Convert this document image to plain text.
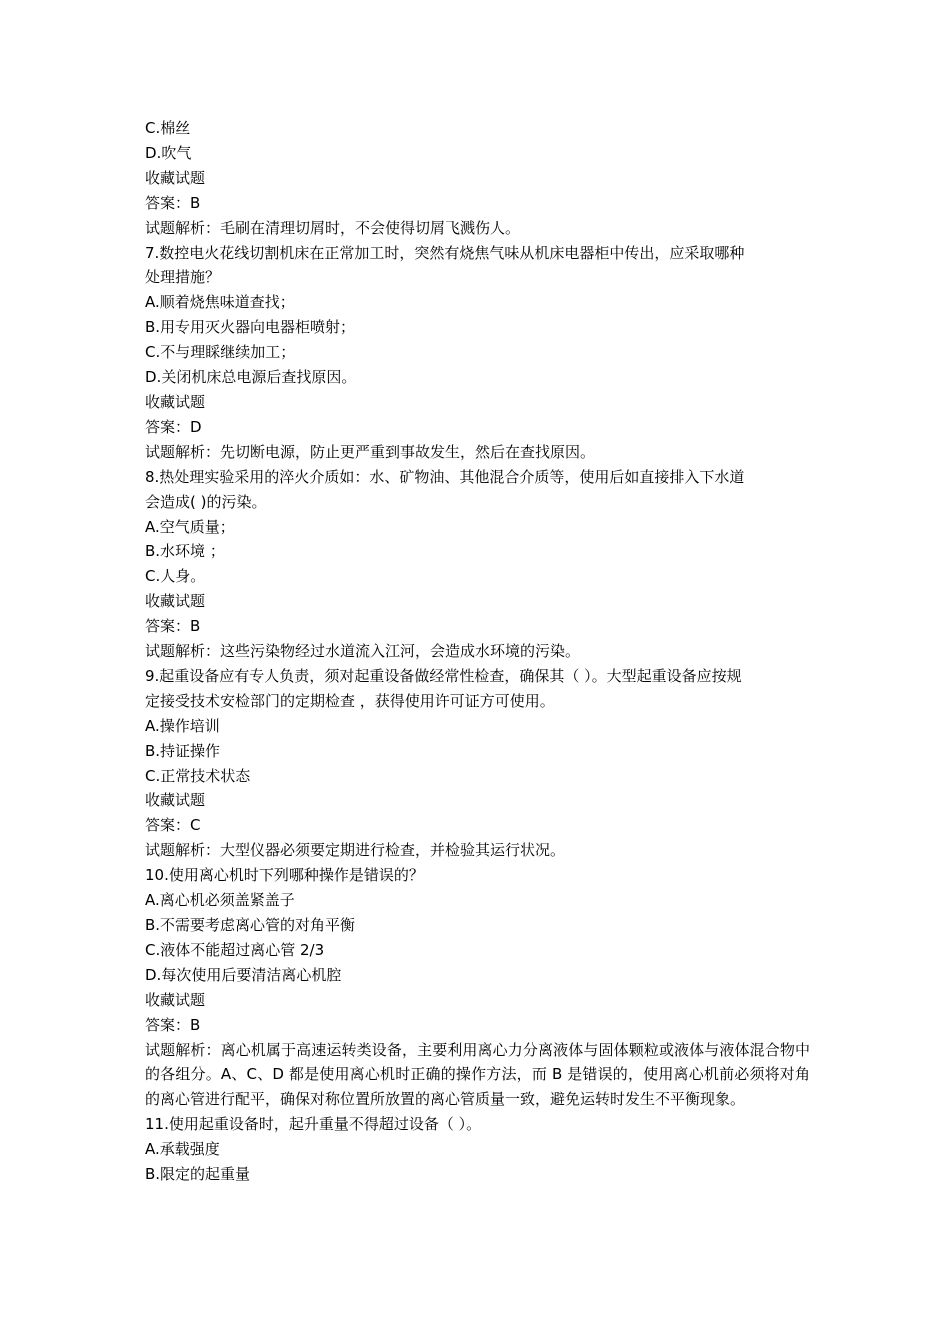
C.棉丝
D.吹气
收藏试题
答案：B
试题解析：毛刷在清理切屑时，不会使得切屑飞溅伤人。
7.数控电火花线切割机床在正常加工时，突然有烧焦气味从机床电器柜中传出，应采取哪种
处理措施？
A.顺着烧焦味道查找；
B.用专用灭火器向电器柜喷射；
C.不与理睬继续加工；
D.关闭机床总电源后查找原因。
收藏试题
答案：D
试题解析：先切断电源，防止更严重到事故发生，然后在查找原因。
8.热处理实验采用的淬火介质如：水、矿物油、其他混合介质等，使用后如直接排入下水道
会造成( )的污染。
A.空气质量；
B.水环境 ；
C.人身。
收藏试题
答案：B
试题解析：这些污染物经过水道流入江河，会造成水环境的污染。
9.起重设备应有专人负责，须对起重设备做经常性检查，确保其（ ）。大型起重设备应按规
定接受技术安检部门的定期检查 ，获得使用许可证方可使用。
A.操作培训
B.持证操作
C.正常技术状态
收藏试题
答案：C
试题解析：大型仪器必须要定期进行检查，并检验其运行状况。
10.使用离心机时下列哪种操作是错误的？
A.离心机必须盖紧盖子
B.不需要考虑离心管的对角平衡
C.液体不能超过离心管 2/3
D.每次使用后要清洁离心机腔
收藏试题
答案：B
试题解析：离心机属于高速运转类设备，主要利用离心力分离液体与固体颗粒或液体与液体混合物中的各组分。A、C、D 都是使用离心机时正确的操作方法，而 B 是错误的，使用离心机前必须将对角的离心管进行配平，确保对称位置所放置的离心管质量一致，避免运转时发生不平衡现象。
11.使用起重设备时，起升重量不得超过设备（ ）。
A.承载强度
B.限定的起重量
